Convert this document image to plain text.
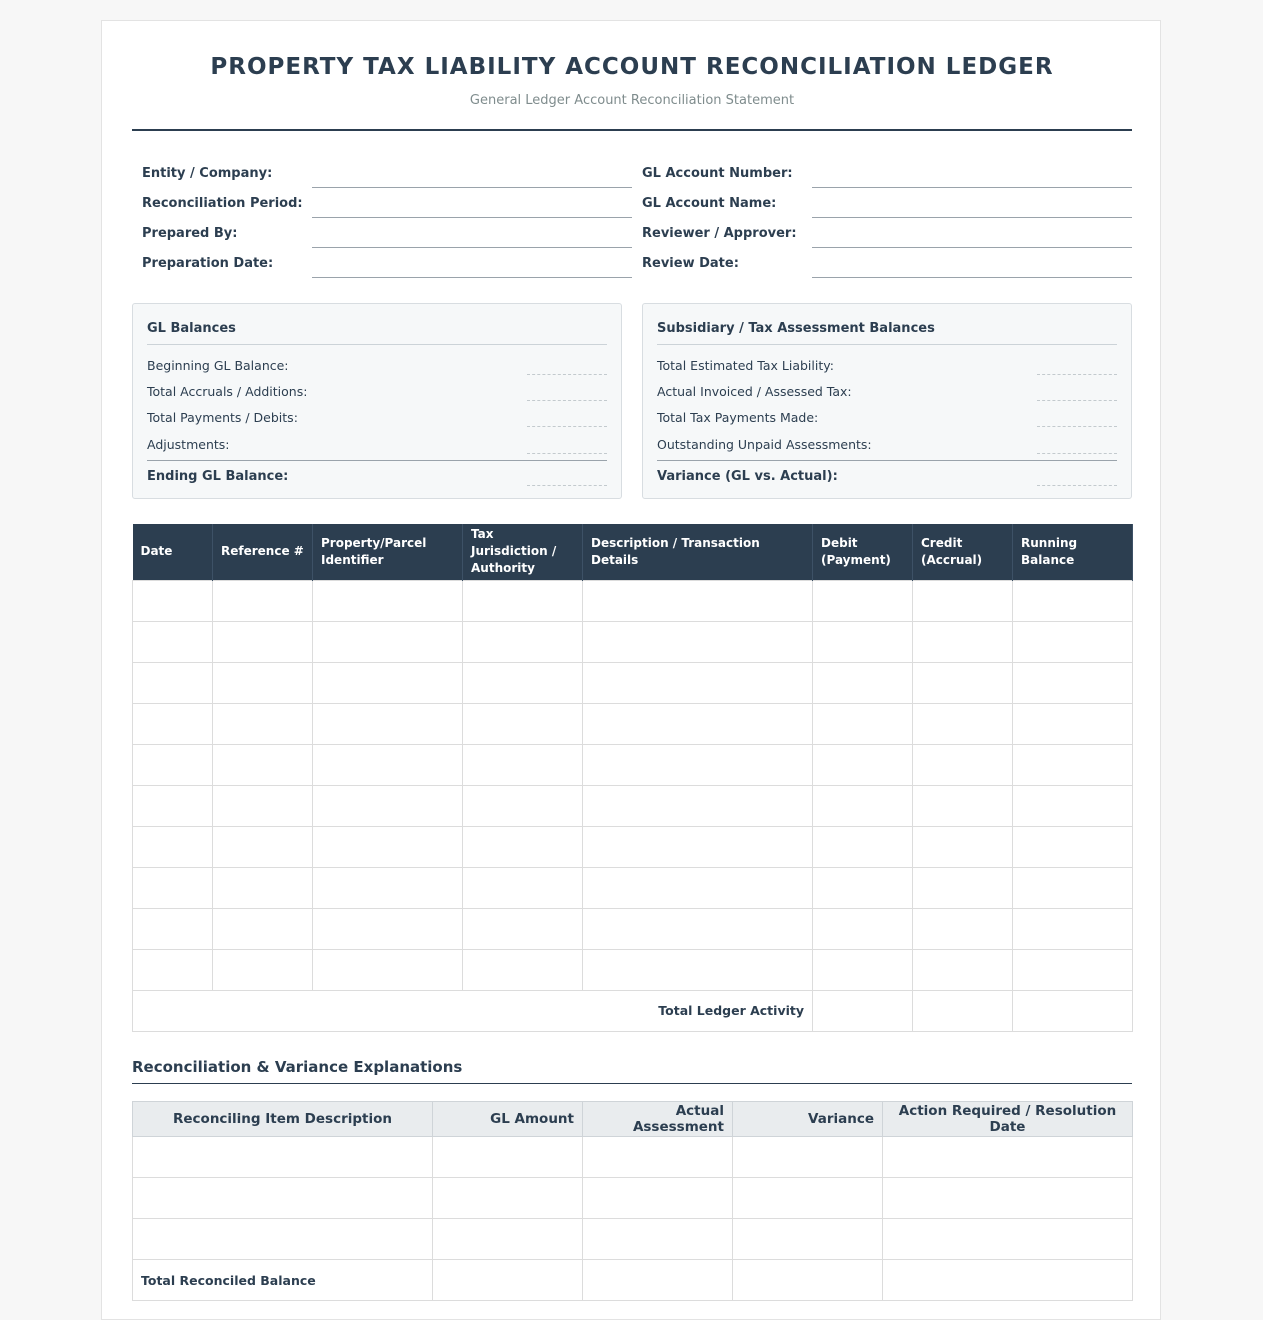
PROPERTY TAX LIABILITY ACCOUNT RECONCILIATION LEDGER
General Ledger Account Reconciliation Statement
Entity / Company:
Reconciliation Period:
Prepared By:
Preparation Date:
GL Account Number:
GL Account Name:
Reviewer / Approver:
Review Date:
GL Balances
Beginning GL Balance:
Total Accruals / Additions:
Total Payments / Debits:
Adjustments:
Ending GL Balance:
Subsidiary / Tax Assessment Balances
Total Estimated Tax Liability:
Actual Invoiced / Assessed Tax:
Total Tax Payments Made:
Outstanding Unpaid Assessments:
Variance (GL vs. Actual):
Date	Reference #	Property/Parcel Identifier	Tax Jurisdiction / Authority	Description / Transaction Details	Debit (Payment)	Credit (Accrual)	Running Balance

Total Ledger Activity							
Reconciliation & Variance Explanations
Reconciling Item Description	GL Amount	Actual Assessment	Variance	Action Required / Resolution Date

Total Reconciled Balance				
